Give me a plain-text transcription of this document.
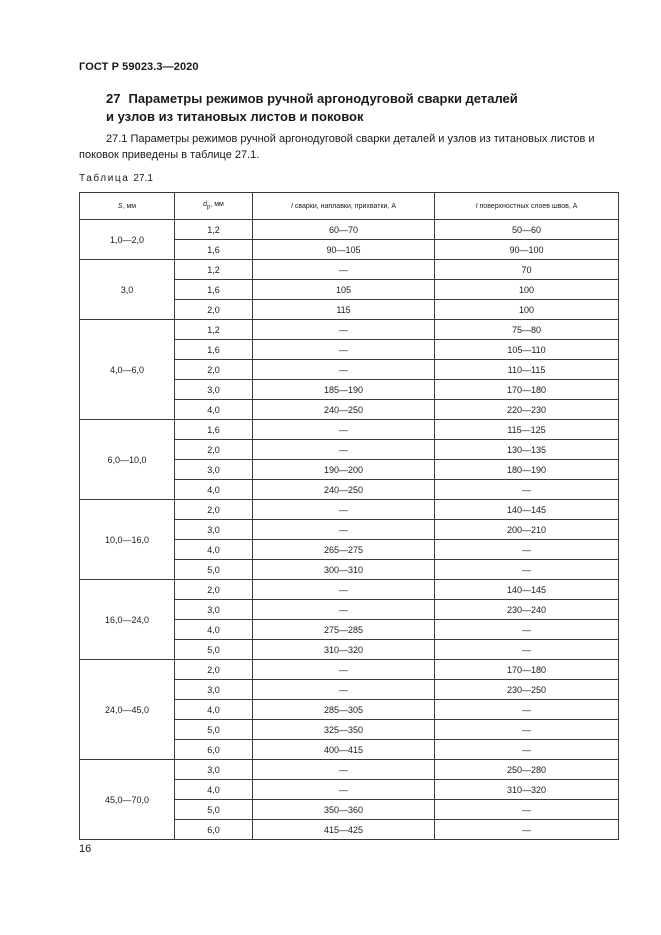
ГОСТ Р 59023.3—2020
27 Параметры режимов ручной аргонодуговой сварки деталей
и узлов из титановых листов и поковок

27.1 Параметры режимов ручной аргонодуговой сварки деталей и узлов из титановых листов и поковок приведены в таблице 27.1.

Таблица 27.1
S, мм	$d_p$, мм	I сварки, наплавки, прихватки, А	I поверхностных слоев швов, А
1,0—2,0	1,2	60—70	50—60
	1,6	90—105	90—100
3,0	1,2	—	70
	1,6	105	100
	2,0	115	100
4,0—6,0	1,2	—	75—80
	1,6	—	105—110
	2,0	—	110—115
	3,0	185—190	170—180
	4,0	240—250	220—230
6,0—10,0	1,6	—	115—125
	2,0	—	130—135
	3,0	190—200	180—190
	4,0	240—250	—
10,0—16,0	2,0	—	140—145
	3,0	—	200—210
	4,0	265—275	—
	5,0	300—310	—
16,0—24,0	2,0	—	140—145
	3,0	—	230—240
	4,0	275—285	—
	5,0	310—320	—
24,0—45,0	2,0	—	170—180
	3,0	—	230—250
	4,0	285—305	—
	5,0	325—350	—
	6,0	400—415	—
45,0—70,0	3,0	—	250—280
	4,0	—	310—320
	5,0	350—360	—
	6,0	415—425	—
16
